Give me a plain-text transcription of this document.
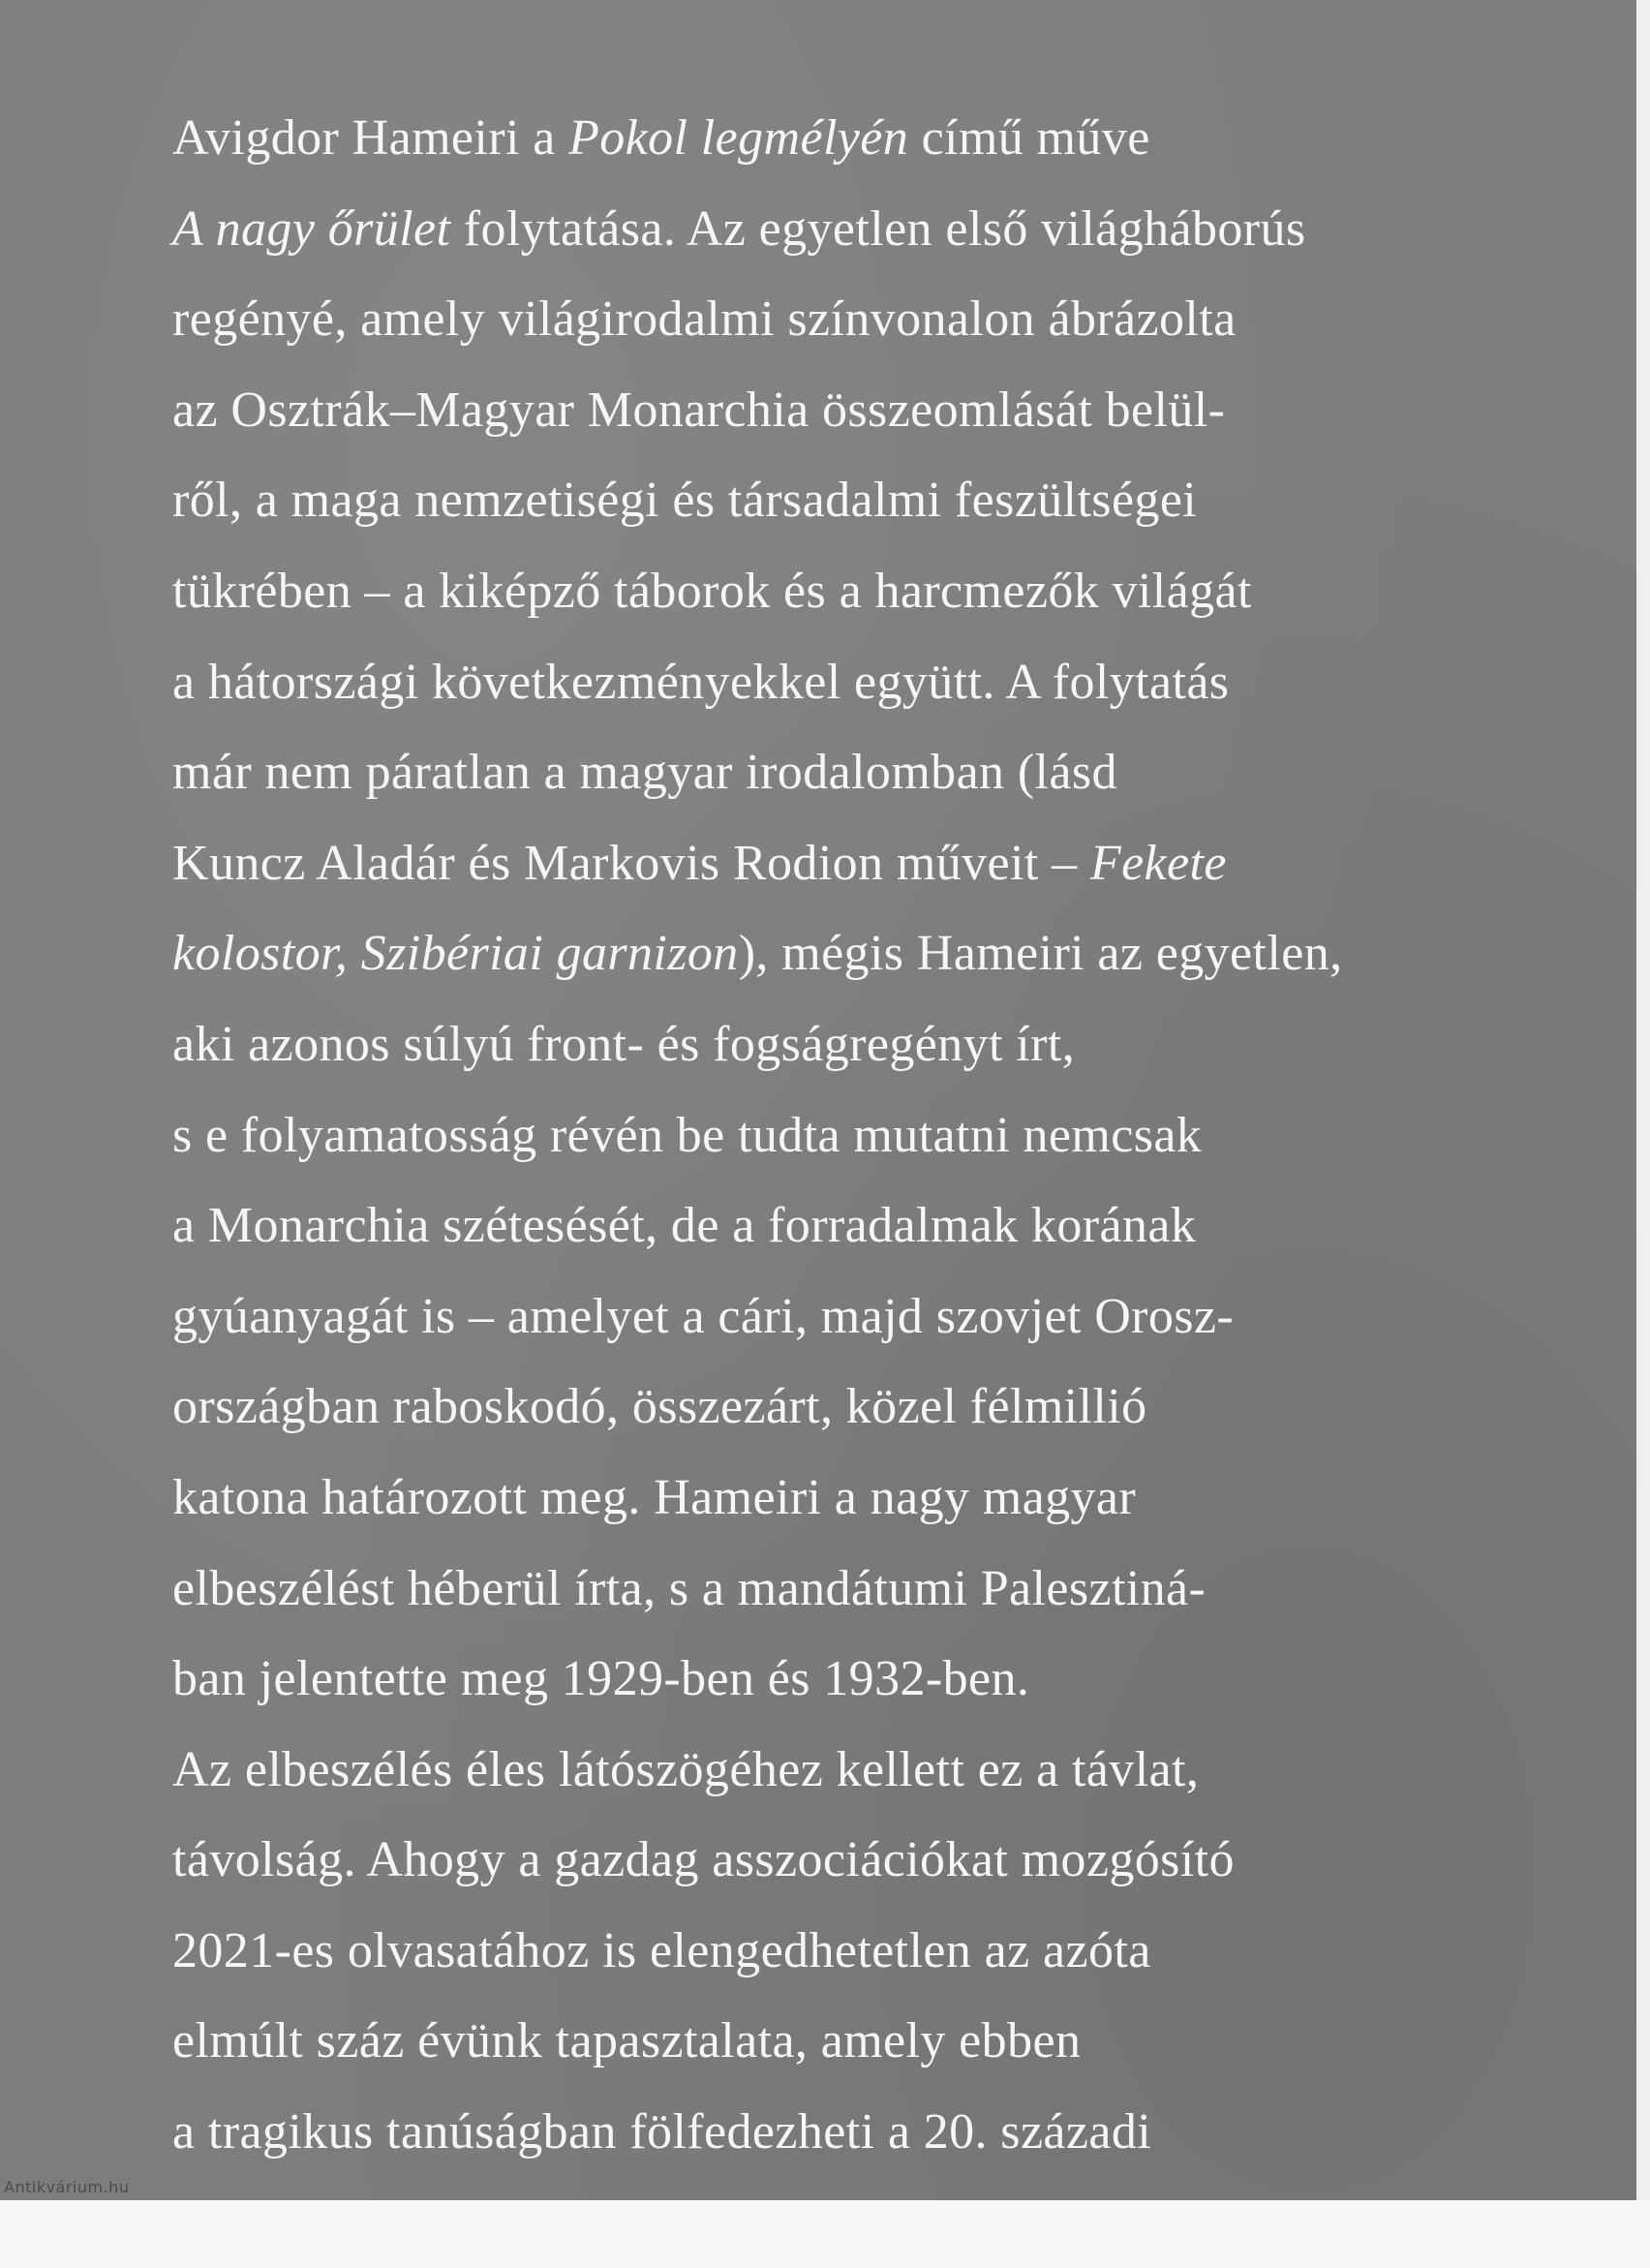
Avigdor Hameiri a Pokol legmélyén című műve
A nagy őrület folytatása. Az egyetlen első világháborús
regényé, amely világirodalmi színvonalon ábrázolta
az Osztrák–Magyar Monarchia összeomlását belül-
ről, a maga nemzetiségi és társadalmi feszültségei
tükrében – a kiképző táborok és a harcmezők világát
a hátországi következményekkel együtt. A folytatás
már nem páratlan a magyar irodalomban (lásd
Kuncz Aladár és Markovis Rodion műveit – Fekete
kolostor, Szibériai garnizon), mégis Hameiri az egyetlen,
aki azonos súlyú front- és fogságregényt írt,
s e folyamatosság révén be tudta mutatni nemcsak
a Monarchia szétesését, de a forradalmak korának
gyúanyagát is – amelyet a cári, majd szovjet Orosz-
országban raboskodó, összezárt, közel félmillió
katona határozott meg. Hameiri a nagy magyar
elbeszélést héberül írta, s a mandátumi Palesztiná-
ban jelentette meg 1929-ben és 1932-ben.
Az elbeszélés éles látószögéhez kellett ez a távlat,
távolság. Ahogy a gazdag asszociációkat mozgósító
2021-es olvasatához is elengedhetetlen az azóta
elmúlt száz évünk tapasztalata, amely ebben
a tragikus tanúságban fölfedezheti a 20. századi
apokalipszis eredőit.
Antikvárium.hu
